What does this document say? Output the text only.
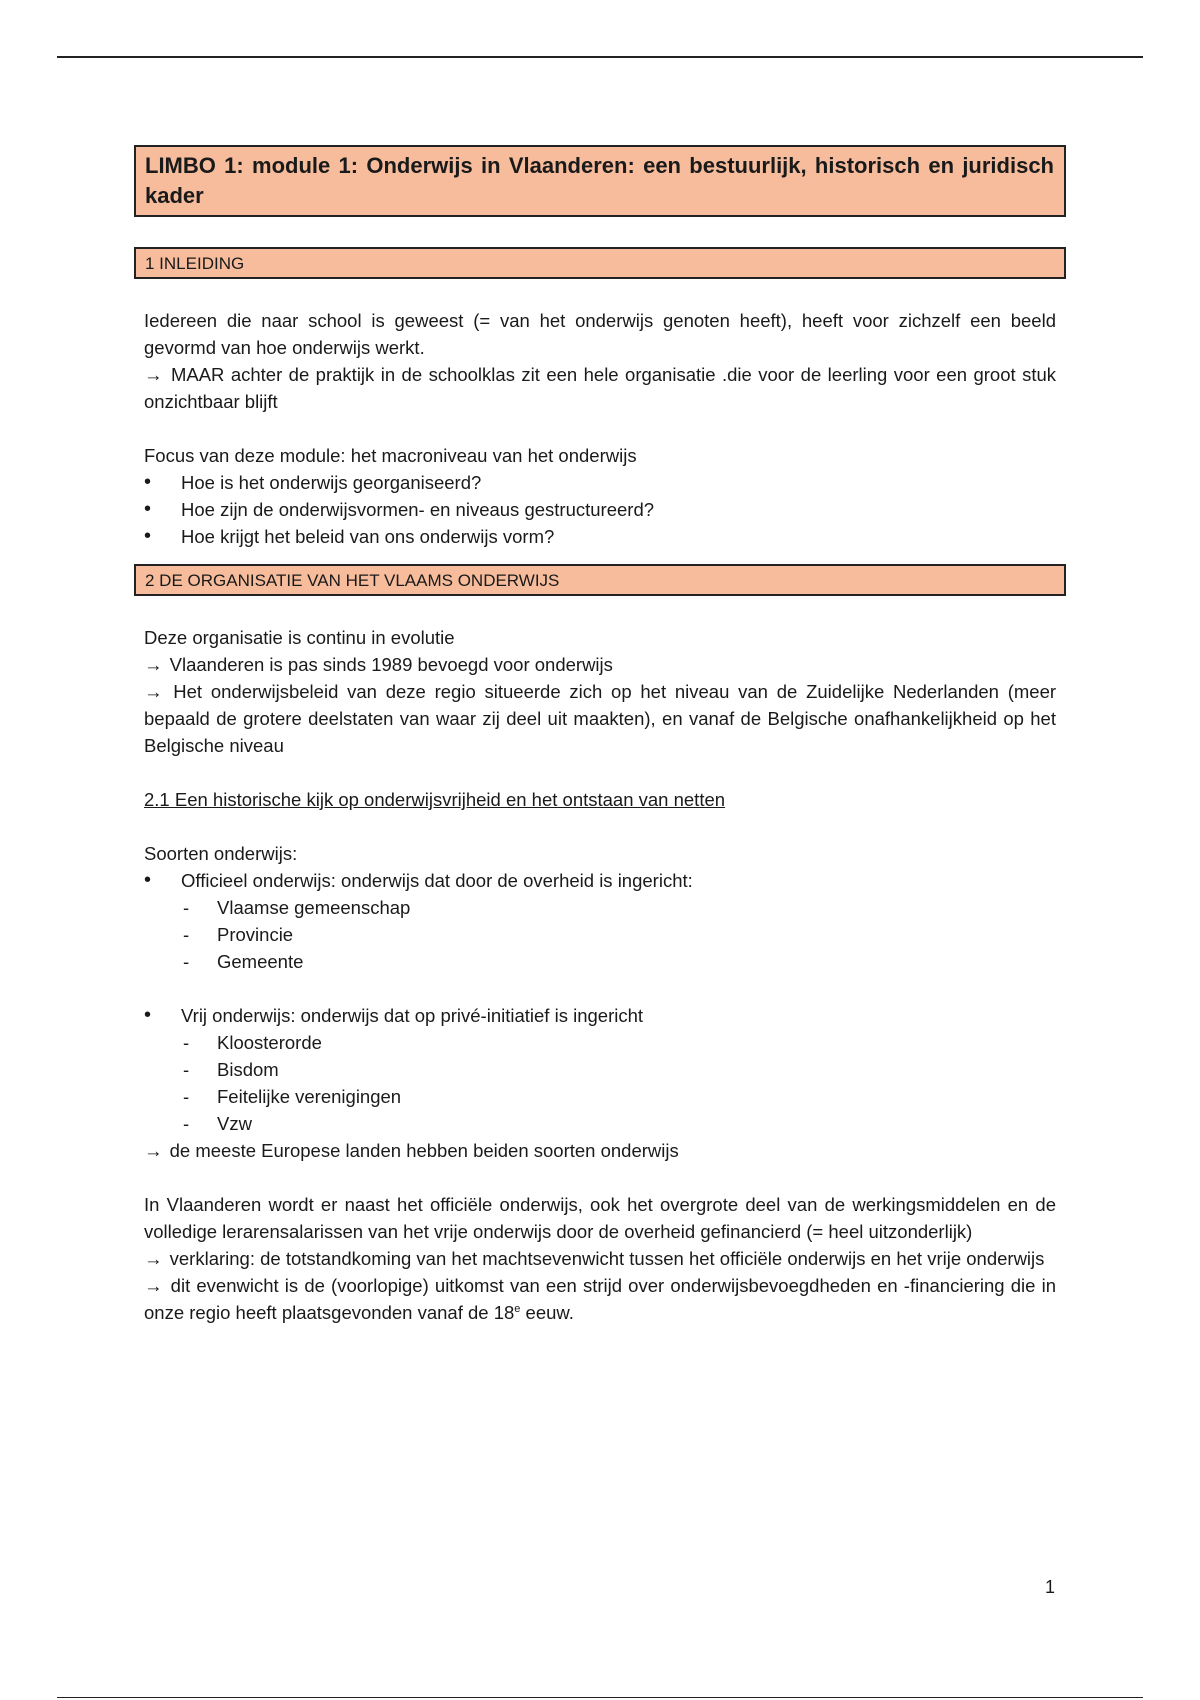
LIMBO 1: module 1: Onderwijs in Vlaanderen: een bestuurlijk, historisch en juridisch kader
1 INLEIDING

Iedereen die naar school is geweest (= van het onderwijs genoten heeft), heeft voor zichzelf een beeld gevormd van hoe onderwijs werkt.

→ MAAR achter de praktijk in de schoolklas zit een hele organisatie .die voor de leerling voor een groot stuk onzichtbaar blijft

Focus van deze module: het macroniveau van het onderwijs

• Hoe is het onderwijs georganiseerd?
• Hoe zijn de onderwijsvormen- en niveaus gestructureerd?
• Hoe krijgt het beleid van ons onderwijs vorm?
2 DE ORGANISATIE VAN HET VLAAMS ONDERWIJS

Deze organisatie is continu in evolutie

→ Vlaanderen is pas sinds 1989 bevoegd voor onderwijs

→ Het onderwijsbeleid van deze regio situeerde zich op het niveau van de Zuidelijke Nederlanden (meer bepaald de grotere deelstaten van waar zij deel uit maakten), en vanaf de Belgische onafhankelijkheid op het Belgische niveau

2.1 Een historische kijk op onderwijsvrijheid en het ontstaan van netten

Soorten onderwijs:

• Officieel onderwijs: onderwijs dat door de overheid is ingericht:
- Vlaamse gemeenschap
- Provincie
- Gemeente
• Vrij onderwijs: onderwijs dat op privé-initiatief is ingericht
- Kloosterorde
- Bisdom
- Feitelijke verenigingen
- Vzw

→ de meeste Europese landen hebben beiden soorten onderwijs

In Vlaanderen wordt er naast het officiële onderwijs, ook het overgrote deel van de werkingsmiddelen en de volledige lerarensalarissen van het vrije onderwijs door de overheid gefinancierd (= heel uitzonderlijk)

→ verklaring: de totstandkoming van het machtsevenwicht tussen het officiële onderwijs en het vrije onderwijs

→ dit evenwicht is de (voorlopige) uitkomst van een strijd over onderwijsbevoegdheden en -financiering die in onze regio heeft plaatsgevonden vanaf de 18e eeuw.

1
